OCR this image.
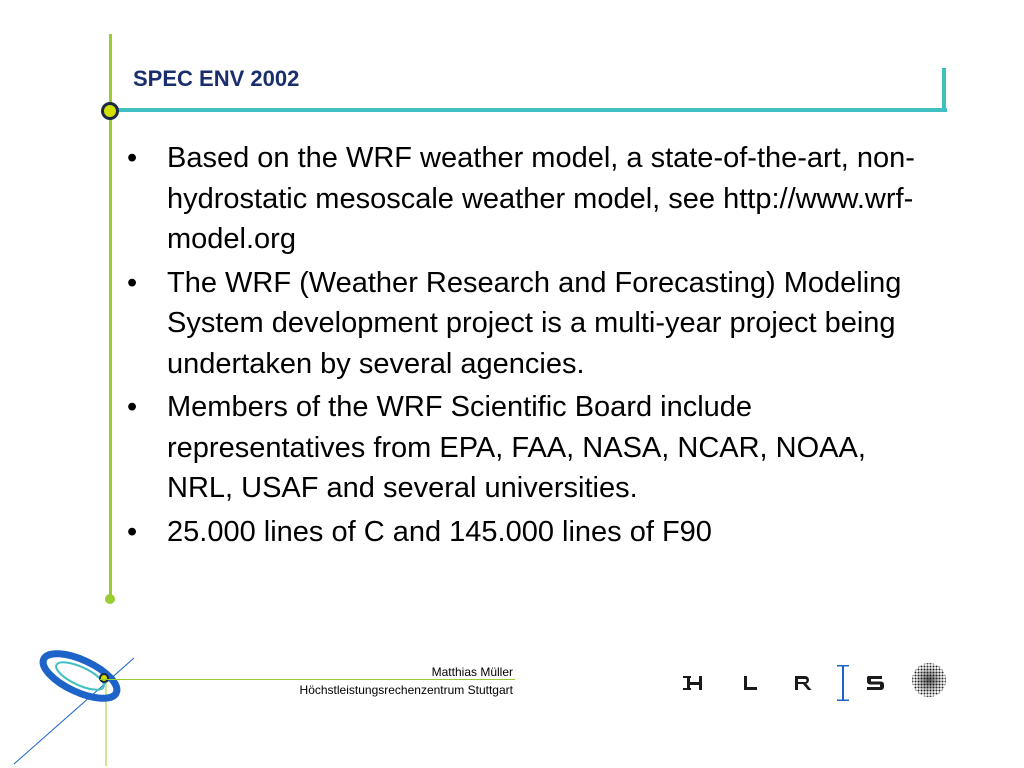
SPEC ENV 2002
• Based on the WRF weather model, a state-of-the-art, non-hydrostatic mesoscale weather model, see http://www.wrf-model.org
• The WRF (Weather Research and Forecasting) Modeling System development project is a multi-year project being undertaken by several agencies.
• Members of the WRF Scientific Board include representatives from EPA, FAA, NASA, NCAR, NOAA, NRL, USAF and several universities.
• 25.000 lines of C and 145.000 lines of F90
Matthias Müller
Höchstleistungsrechenzentrum Stuttgart
